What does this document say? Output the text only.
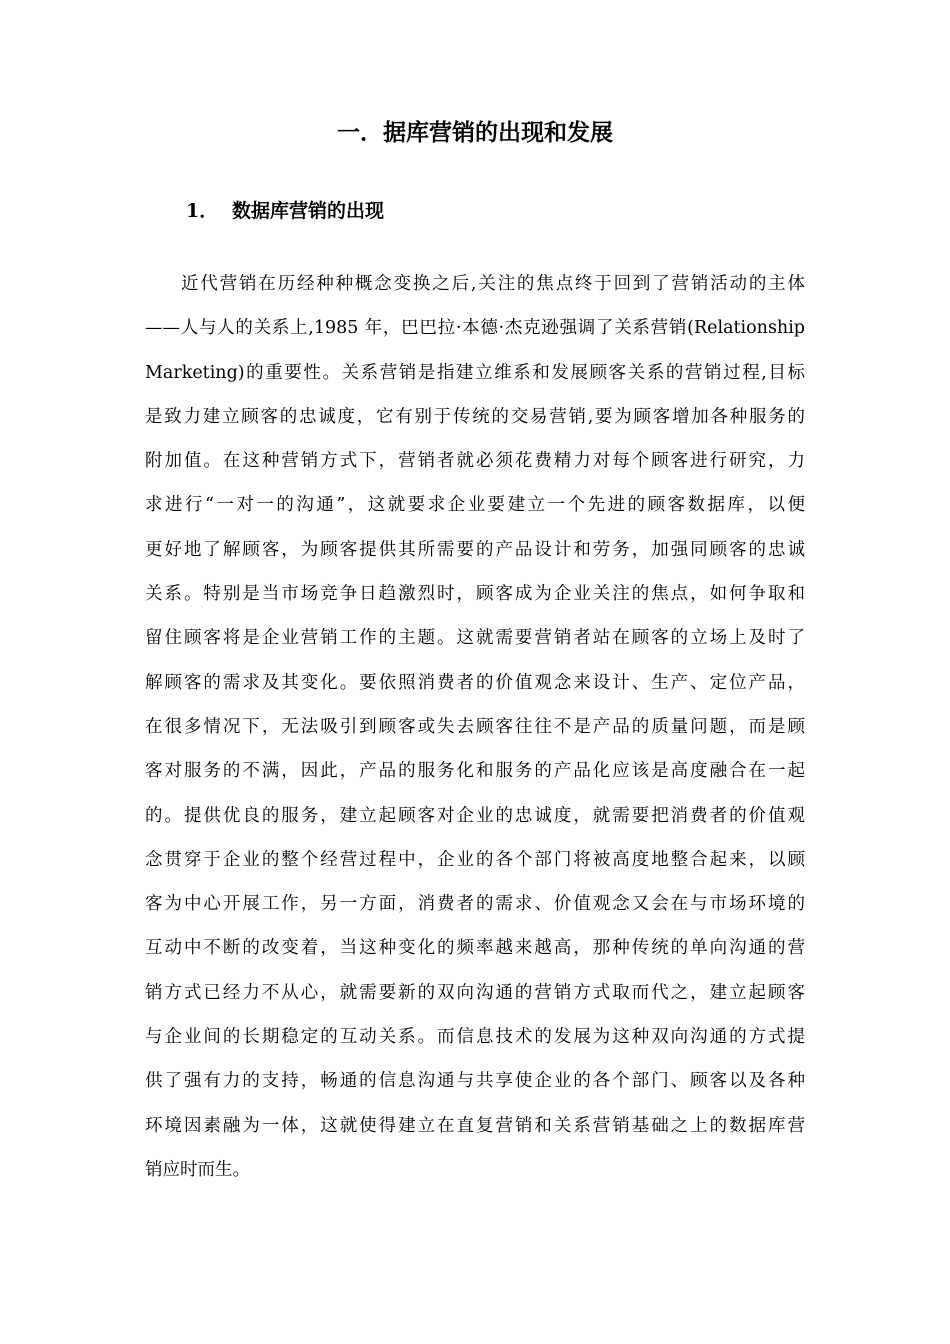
一．据库营销的出现和发展
1． 数据库营销的出现
近代营销在历经种种概念变换之后,关注的焦点终于回到了营销活动的主体
——人与人的关系上,1985 年，巴巴拉·本德·杰克逊强调了关系营销(Relationship
Marketing)的重要性。关系营销是指建立维系和发展顾客关系的营销过程,目标
是致力建立顾客的忠诚度，它有别于传统的交易营销,要为顾客增加各种服务的
附加值。在这种营销方式下，营销者就必须花费精力对每个顾客进行研究，力
求进行“一对一的沟通”，这就要求企业要建立一个先进的顾客数据库，以便
更好地了解顾客，为顾客提供其所需要的产品设计和劳务，加强同顾客的忠诚
关系。特别是当市场竞争日趋激烈时，顾客成为企业关注的焦点，如何争取和
留住顾客将是企业营销工作的主题。这就需要营销者站在顾客的立场上及时了
解顾客的需求及其变化。要依照消费者的价值观念来设计、生产、定位产品，
在很多情况下，无法吸引到顾客或失去顾客往往不是产品的质量问题，而是顾
客对服务的不满，因此，产品的服务化和服务的产品化应该是高度融合在一起
的。提供优良的服务，建立起顾客对企业的忠诚度，就需要把消费者的价值观
念贯穿于企业的整个经营过程中，企业的各个部门将被高度地整合起来，以顾
客为中心开展工作，另一方面，消费者的需求、价值观念又会在与市场环境的
互动中不断的改变着，当这种变化的频率越来越高，那种传统的单向沟通的营
销方式已经力不从心，就需要新的双向沟通的营销方式取而代之，建立起顾客
与企业间的长期稳定的互动关系。而信息技术的发展为这种双向沟通的方式提
供了强有力的支持，畅通的信息沟通与共享使企业的各个部门、顾客以及各种
环境因素融为一体，这就使得建立在直复营销和关系营销基础之上的数据库营
销应时而生。
